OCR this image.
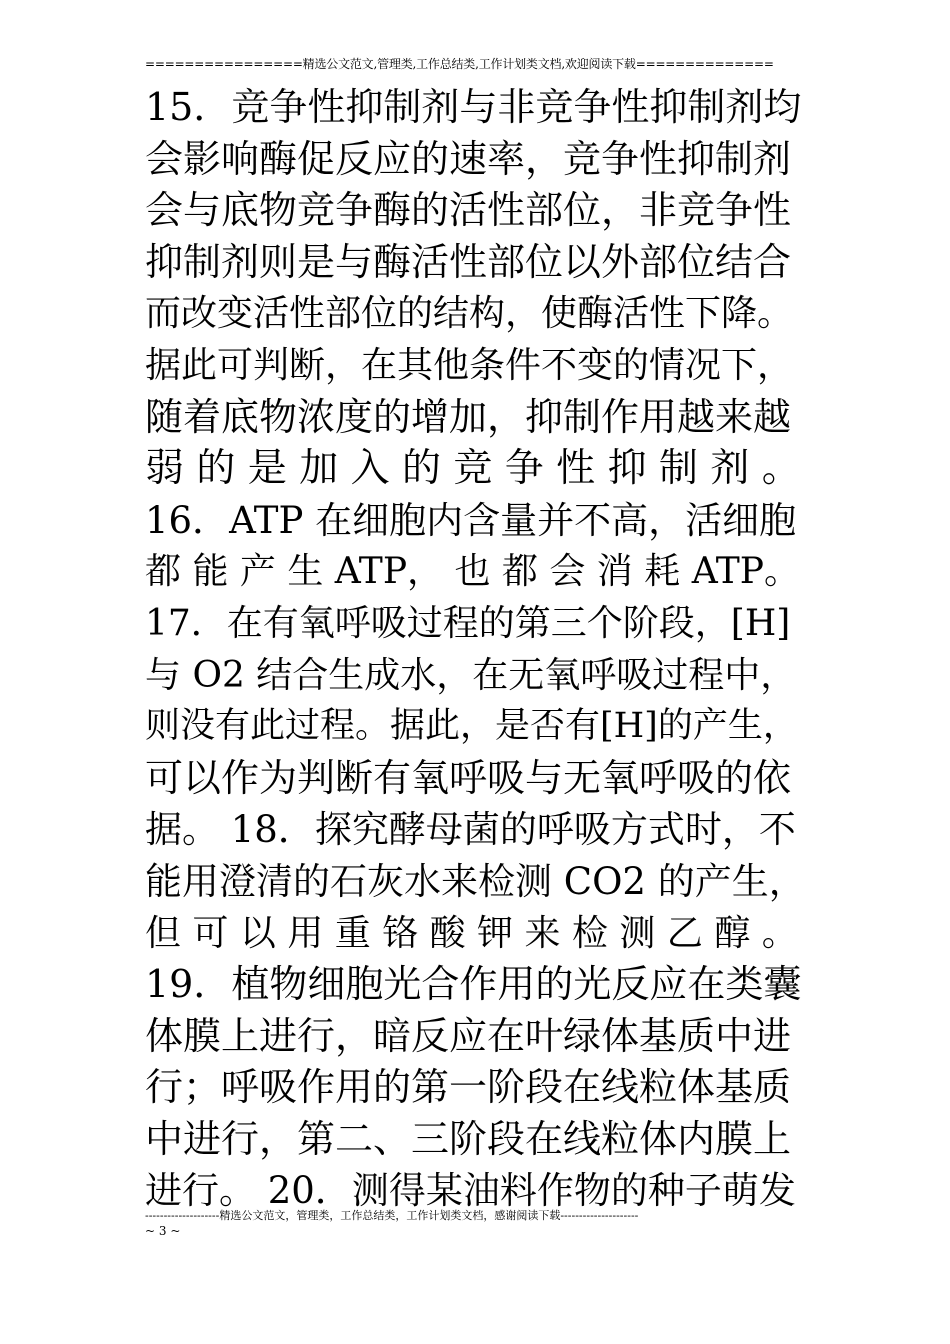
================精选公文范文,管理类,工作总结类,工作计划类文档,欢迎阅读下载==============
15．竞争性抑制剂与非竞争性抑制剂均
会影响酶促反应的速率，竞争性抑制剂
会与底物竞争酶的活性部位，非竞争性
抑制剂则是与酶活性部位以外部位结合
而改变活性部位的结构，使酶活性下降。
据此可判断，在其他条件不变的情况下，
随着底物浓度的增加，抑制作用越来越
弱 的 是 加 入 的 竞 争 性 抑 制 剂 。
16．ATP 在细胞内含量并不高，活细胞
都 能 产 生 ATP， 也 都 会 消 耗 ATP。
17．在有氧呼吸过程的第三个阶段，[H]
与 O2 结合生成水，在无氧呼吸过程中，
则没有此过程。据此，是否有[H]的产生，
可以作为判断有氧呼吸与无氧呼吸的依
据。 18．探究酵母菌的呼吸方式时，不
能用澄清的石灰水来检测 CO2 的产生，
但 可 以 用 重 铬 酸 钾 来 检 测 乙 醇 。
19．植物细胞光合作用的光反应在类囊
体膜上进行，暗反应在叶绿体基质中进
行；呼吸作用的第一阶段在线粒体基质
中进行，第二、三阶段在线粒体内膜上
进行。 20．测得某油料作物的种子萌发
--------------------精选公文范文，管理类，工作总结类，工作计划类文档，感谢阅读下载---------------------
~ 3 ~
